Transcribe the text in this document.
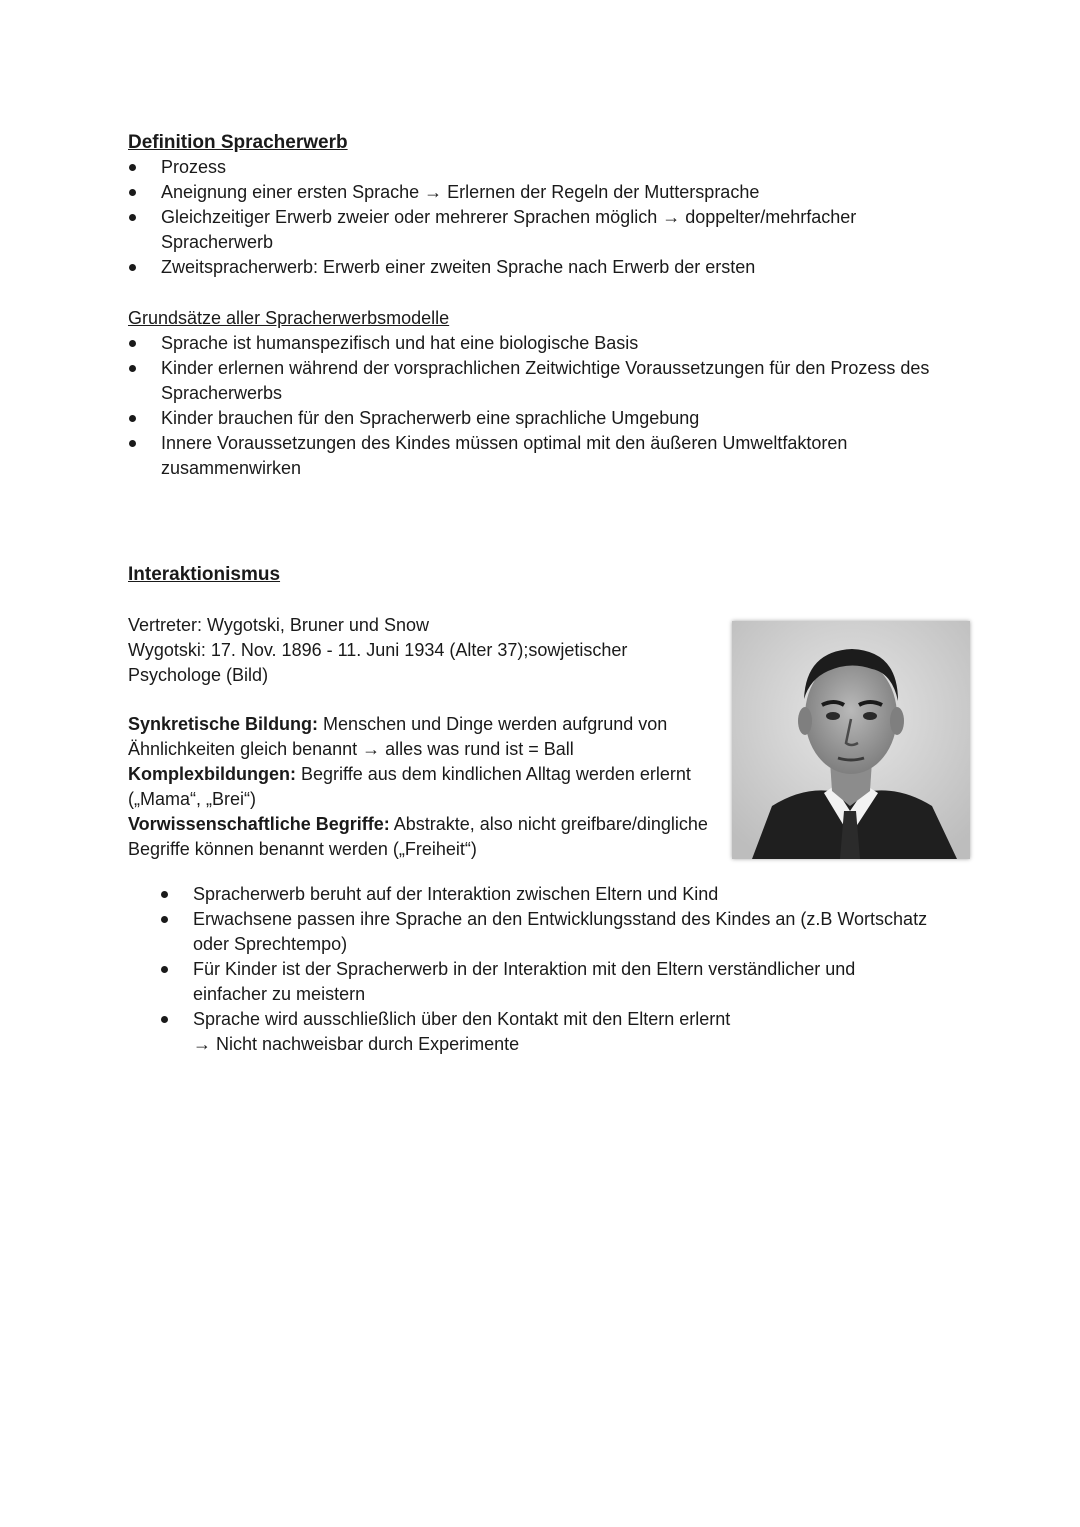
Definition Spracherwerb

Prozess
Aneignung einer ersten Sprache → Erlernen der Regeln der Muttersprache
Gleichzeitiger Erwerb zweier oder mehrerer Sprachen möglich → doppelter/mehrfacher Spracherwerb
Zweitspracherwerb: Erwerb einer zweiten Sprache nach Erwerb der ersten

Grundsätze aller Spracherwerbsmodelle

Sprache ist humanspezifisch und hat eine biologische Basis
Kinder erlernen während der vorsprachlichen Zeitwichtige Voraussetzungen für den Prozess des Spracherwerbs
Kinder brauchen für den Spracherwerb eine sprachliche Umgebung
Innere Voraussetzungen des Kindes müssen optimal mit den äußeren Umweltfaktoren zusammenwirken

Interaktionismus

Vertreter: Wygotski, Bruner und Snow

Wygotski: 17. Nov. 1896 - 11. Juni 1934 (Alter 37);sowjetischer

Psychologe (Bild)

Synkretische Bildung: Menschen und Dinge werden aufgrund von

Ähnlichkeiten gleich benannt → alles was rund ist = Ball

Komplexbildungen: Begriffe aus dem kindlichen Alltag werden erlernt

(„Mama“, „Brei“)

Vorwissenschaftliche Begriffe: Abstrakte, also nicht greifbare/dingliche

Begriffe können benannt werden („Freiheit“)

Spracherwerb beruht auf der Interaktion zwischen Eltern und Kind
Erwachsene passen ihre Sprache an den Entwicklungsstand des Kindes an (z.B Wortschatz oder Sprechtempo)
Für Kinder ist der Spracherwerb in der Interaktion mit den Eltern verständlicher und einfacher zu meistern
Sprache wird ausschließlich über den Kontakt mit den Eltern erlernt
→ Nicht nachweisbar durch Experimente
